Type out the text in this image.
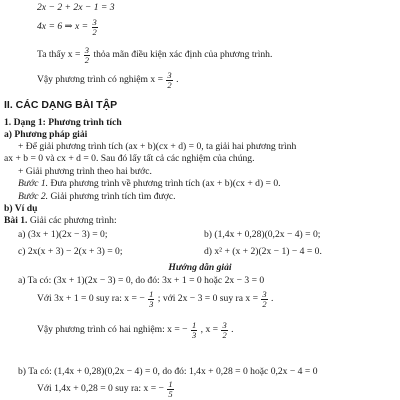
2x − 2 + 2x − 1 = 3
4x = 6 ⇒ $x = \frac{3}{2}$
Ta thấy $x = \frac{3}{2}$ thỏa mãn điều kiện xác định của phương trình.
Vậy phương trình có nghiệm $x = \frac{3}{2}$ .
II. CÁC DẠNG BÀI TẬP
1. Dạng 1: Phương trình tích
a) Phương pháp giải
+ Để giải phương trình tích (ax + b)(cx + d) = 0, ta giải hai phương trình
ax + b = 0 và cx + d = 0. Sau đó lấy tất cả các nghiệm của chúng.
+ Giải phương trình theo hai bước.
Bước 1. Đưa phương trình về phương trình tích (ax + b)(cx + d) = 0.
Bước 2. Giải phương trình tích tìm được.
b) Ví dụ
Bài 1. Giải các phương trình:
a) (3x + 1)(2x − 3) = 0;	b) (1,4x + 0,28)(0,2x − 4) = 0;
c) 2x(x + 3) − 2(x + 3) = 0;	d) x² + (x + 2)(2x − 1) − 4 = 0.
Hướng dẫn giải
a) Ta có: (3x + 1)(2x − 3) = 0, do đó: 3x + 1 = 0 hoặc 2x − 3 = 0
Với 3x + 1 = 0 suy ra: x = − $\frac{1}{3}$ ; với 2x − 3 = 0 suy ra $x = \frac{3}{2}$ .
Vậy phương trình có hai nghiệm: x = − $\frac{1}{3}$ , $x = \frac{3}{2}$ .
b) Ta có: (1,4x + 0,28)(0,2x − 4) = 0, do đó: 1,4x + 0,28 = 0 hoặc 0,2x − 4 = 0
Với 1,4x + 0,28 = 0 suy ra: x = − $\frac{1}{5}$
